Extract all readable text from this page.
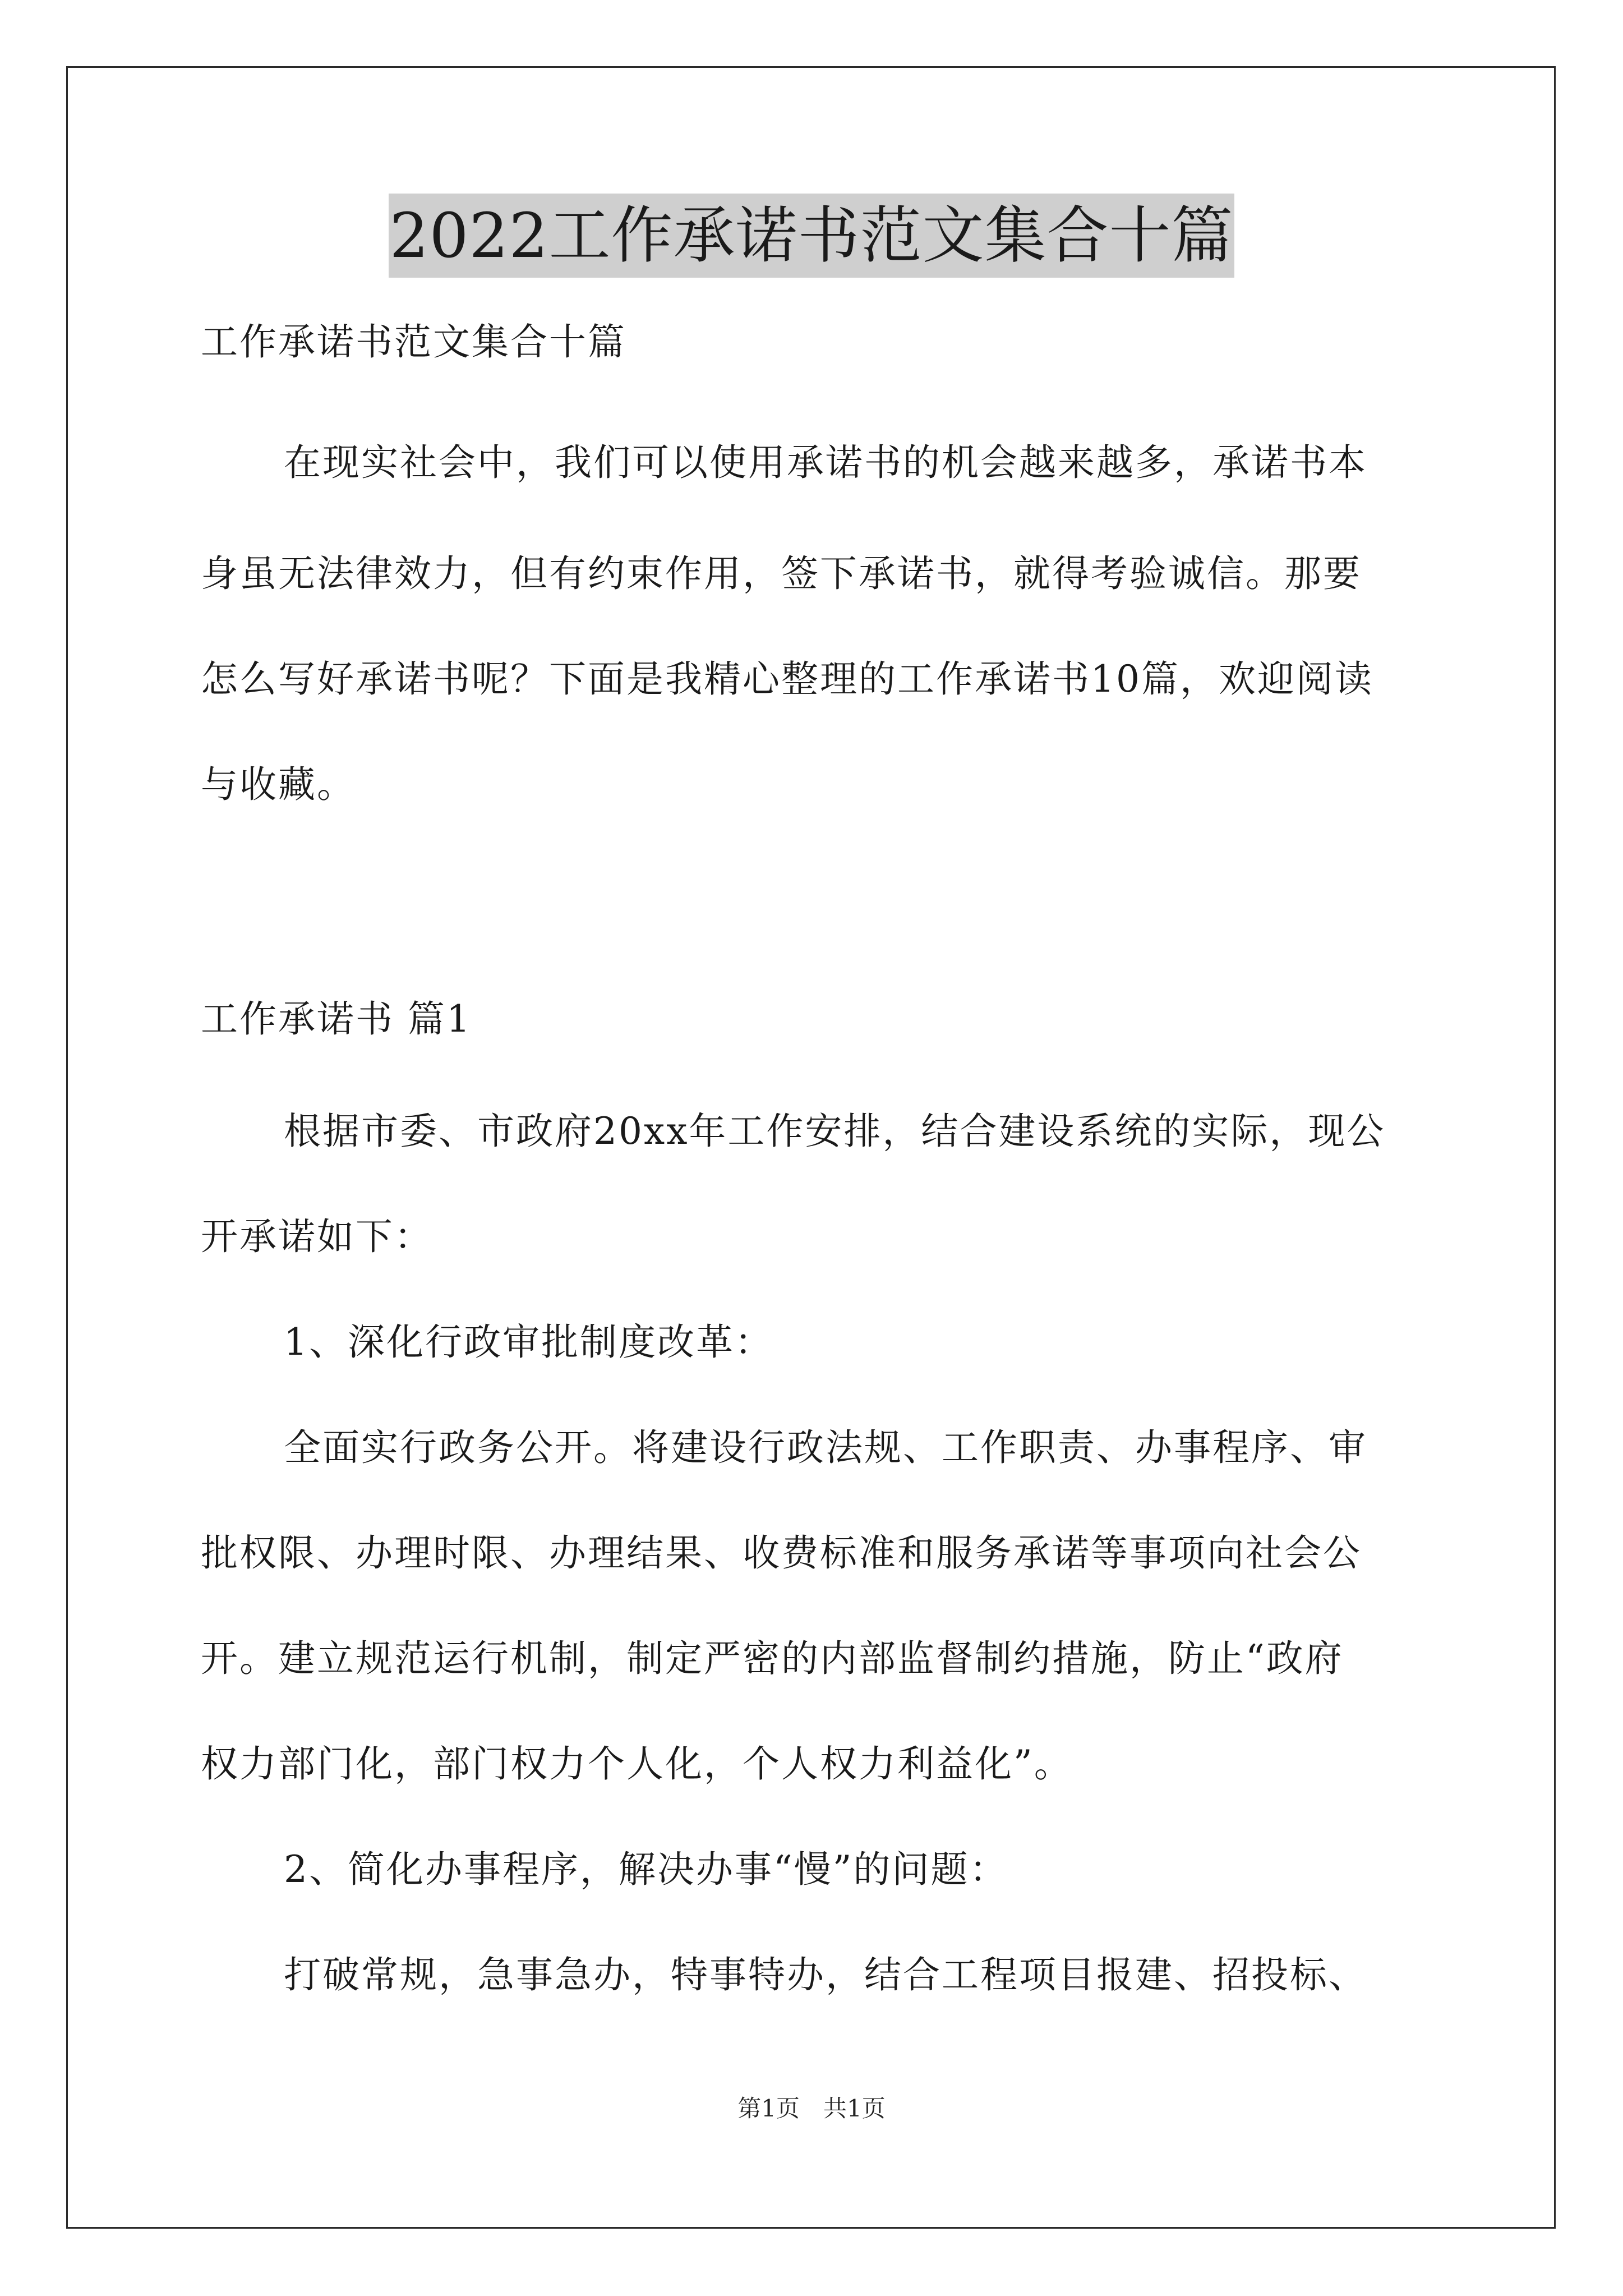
2022工作承诺书范文集合十篇
工作承诺书范文集合十篇
在现实社会中，我们可以使用承诺书的机会越来越多，承诺书本
身虽无法律效力，但有约束作用，签下承诺书，就得考验诚信。那要
怎么写好承诺书呢？下面是我精心整理的工作承诺书10篇，欢迎阅读
与收藏。
工作承诺书 篇1
根据市委、市政府20xx年工作安排，结合建设系统的实际，现公
开承诺如下：
1、深化行政审批制度改革：
全面实行政务公开。将建设行政法规、工作职责、办事程序、审
批权限、办理时限、办理结果、收费标准和服务承诺等事项向社会公
开。建立规范运行机制，制定严密的内部监督制约措施，防止“政府
权力部门化，部门权力个人化，个人权力利益化”。
2、简化办事程序，解决办事“慢”的问题：
打破常规，急事急办，特事特办，结合工程项目报建、招投标、
第1页　共1页
